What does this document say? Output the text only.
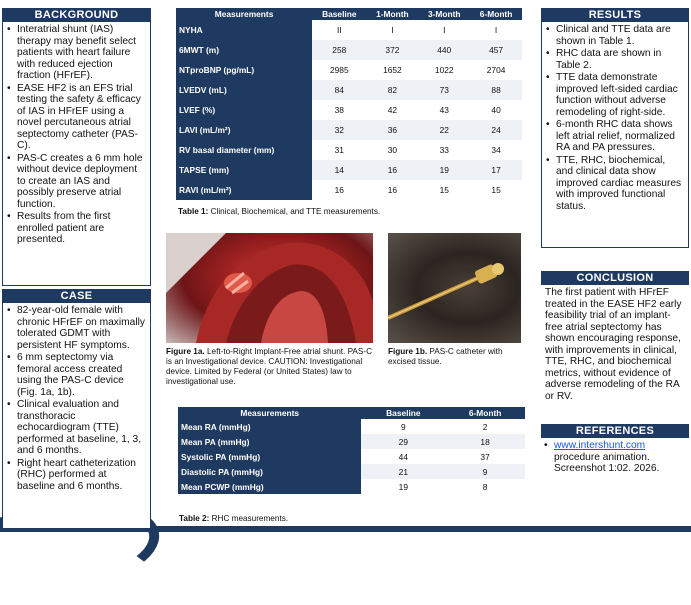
BACKGROUND
• Interatrial shunt (IAS) therapy may benefit select patients with heart failure with reduced ejection fraction (HFrEF).
• EASE HF2 is an EFS trial testing the safety & efficacy of IAS in HFrEF using a novel percutaneous atrial septectomy catheter (PAS-C).
• PAS-C creates a 6 mm hole without device deployment to create an IAS and possibly preserve atrial function.
• Results from the first enrolled patient are presented.
CASE
• 82-year-old female with chronic HFrEF on maximally tolerated GDMT with persistent HF symptoms.
• 6 mm septectomy via femoral access created using the PAS-C device (Fig. 1a, 1b).
• Clinical evaluation and transthoracic echocardiogram (TTE) performed at baseline, 1, 3, and 6 months.
• Right heart catheterization (RHC) performed at baseline and 6 months.
Measurements	Baseline	1-Month	3-Month	6-Month
NYHA	II	I	I	I
6MWT (m)	258	372	440	457
NTproBNP (pg/mL)	2985	1652	1022	2704
LVEDV (mL)	84	82	73	88
LVEF (%)	38	42	43	40
LAVI (mL/m²)	32	36	22	24
RV basal diameter (mm)	31	30	33	34
TAPSE (mm)	14	16	19	17
RAVI (mL/m²)	16	16	15	15
Table 1: Clinical, Biochemical, and TTE measurements.
Figure 1a. Left-to-Right Implant-Free atrial shunt. PAS-C is an Investigational device. CAUTION: Investigational device. Limited by Federal (or United States) law to investigational use.
Figure 1b. PAS-C catheter with excised tissue.
Measurements	Baseline	6-Month
Mean RA (mmHg)	9	2
Mean PA (mmHg)	29	18
Systolic PA (mmHg)	44	37
Diastolic PA (mmHg)	21	9
Mean PCWP (mmHg)	19	8
Table 2: RHC measurements.
RESULTS
• Clinical and TTE data are shown in Table 1.
• RHC data are shown in Table 2.
• TTE data demonstrate improved left-sided cardiac function without adverse remodeling of right-side.
• 6-month RHC data shows left atrial relief, normalized RA and PA pressures.
• TTE, RHC, biochemical, and clinical data show improved cardiac measures with improved functional status.
CONCLUSION
The first patient with HFrEF treated in the EASE HF2 early feasibility trial of an implant-free atrial septectomy has shown encouraging response, with improvements in clinical, TTE, RHC, and biochemical metrics, without evidence of adverse remodeling of the RA or RV.
REFERENCES
• www.intershunt.com procedure animation. Screenshot 1:02. 2026.
